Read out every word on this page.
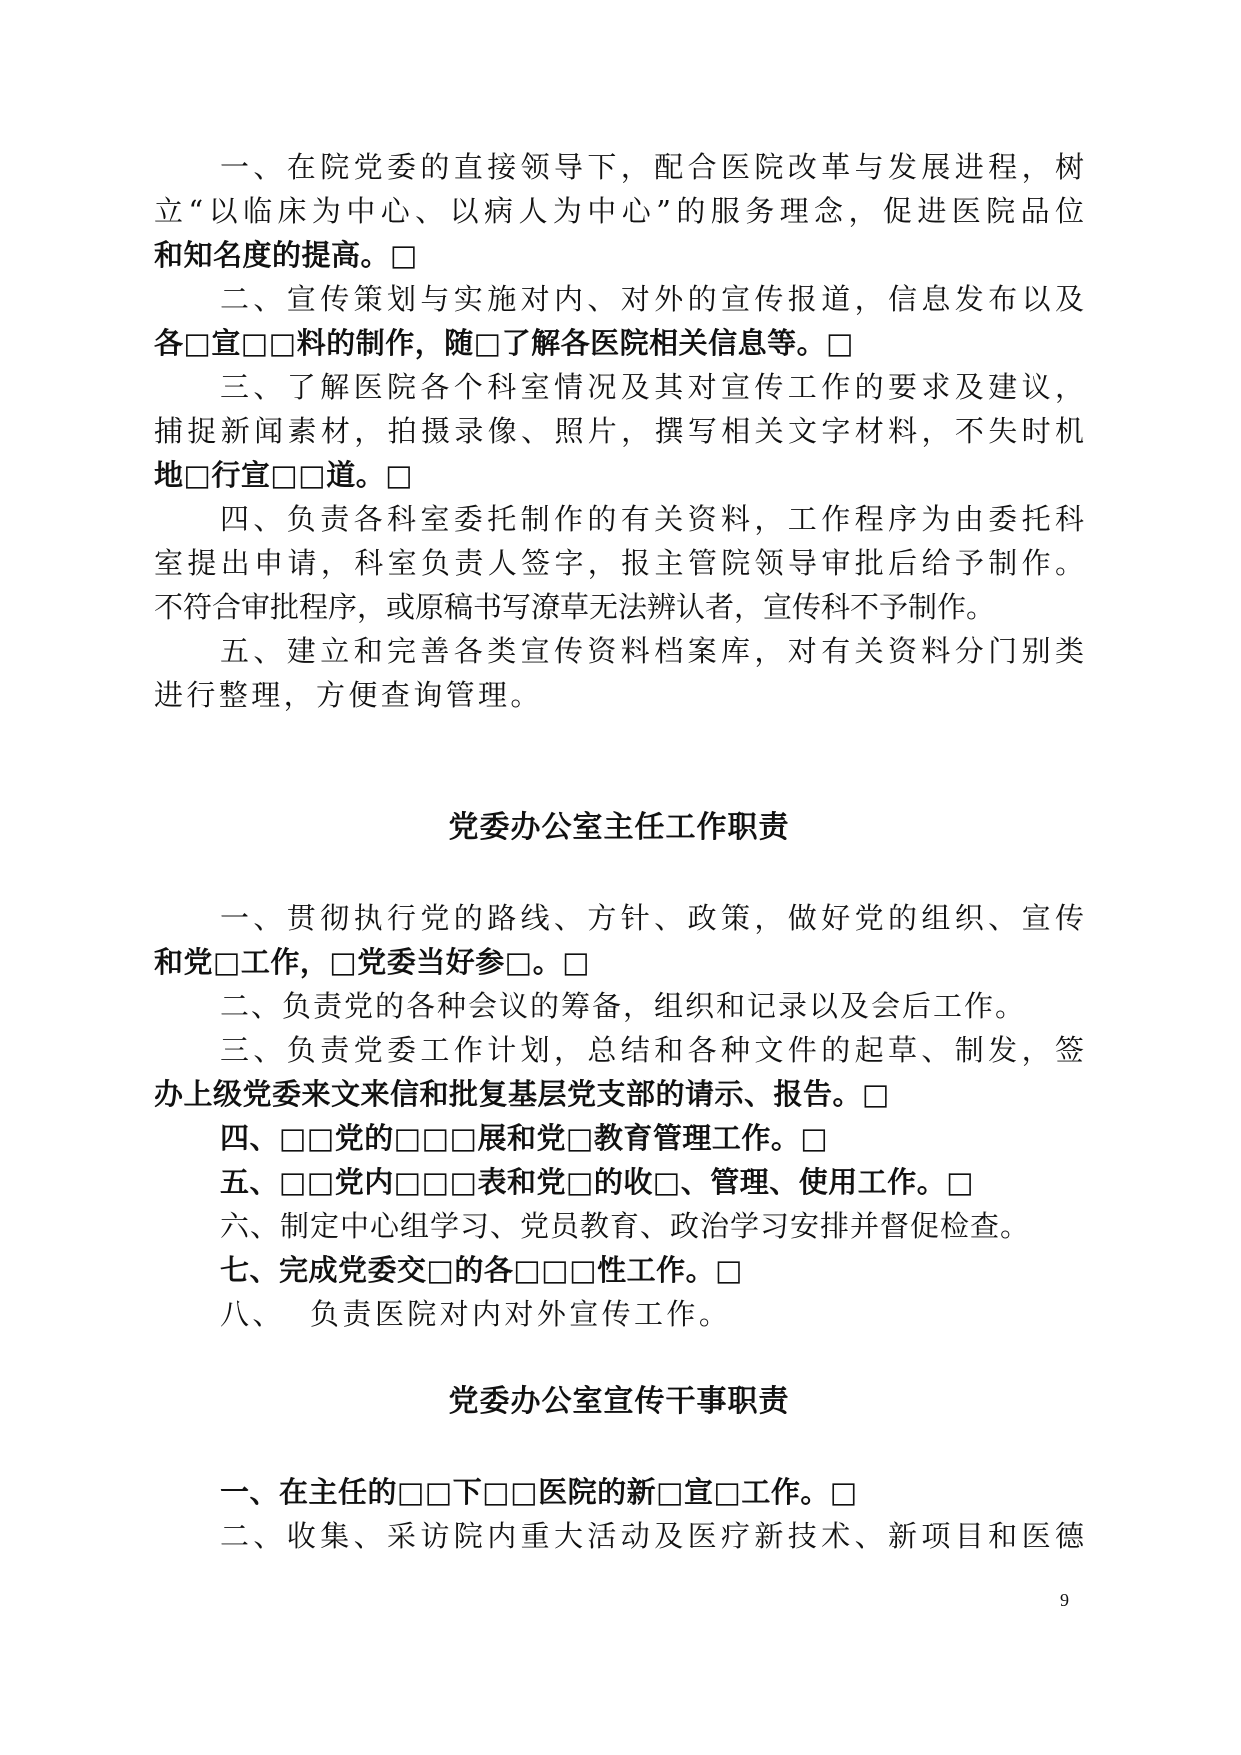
一、在院党委的直接领导下，配合医院改革与发展进程，树
立“以临床为中心、以病人为中心”的服务理念，促进医院品位
和知名度的提高。□
二、宣传策划与实施对内、对外的宣传报道，信息发布以及
各□宣□□料的制作，随□了解各医院相关信息等。□
三、了解医院各个科室情况及其对宣传工作的要求及建议，
捕捉新闻素材，拍摄录像、照片，撰写相关文字材料，不失时机
地□行宣□□道。□
四、负责各科室委托制作的有关资料，工作程序为由委托科
室提出申请，科室负责人签字，报主管院领导审批后给予制作。
不符合审批程序，或原稿书写潦草无法辨认者，宣传科不予制作。
五、建立和完善各类宣传资料档案库，对有关资料分门别类
进行整理，方便查询管理。
党委办公室主任工作职责
一、贯彻执行党的路线、方针、政策，做好党的组织、宣传
和党□工作，□党委当好参□。□
二、负责党的各种会议的筹备，组织和记录以及会后工作。
三、负责党委工作计划，总结和各种文件的起草、制发，签
办上级党委来文来信和批复基层党支部的请示、报告。□
四、□□党的□□□展和党□教育管理工作。□
五、□□党内□□□表和党□的收□、管理、使用工作。□
六、制定中心组学习、党员教育、政治学习安排并督促检查。
七、完成党委交□的各□□□性工作。□
八、  负责医院对内对外宣传工作。
党委办公室宣传干事职责
一、在主任的□□下□□医院的新□宣□工作。□
二、收集、采访院内重大活动及医疗新技术、新项目和医德
9
